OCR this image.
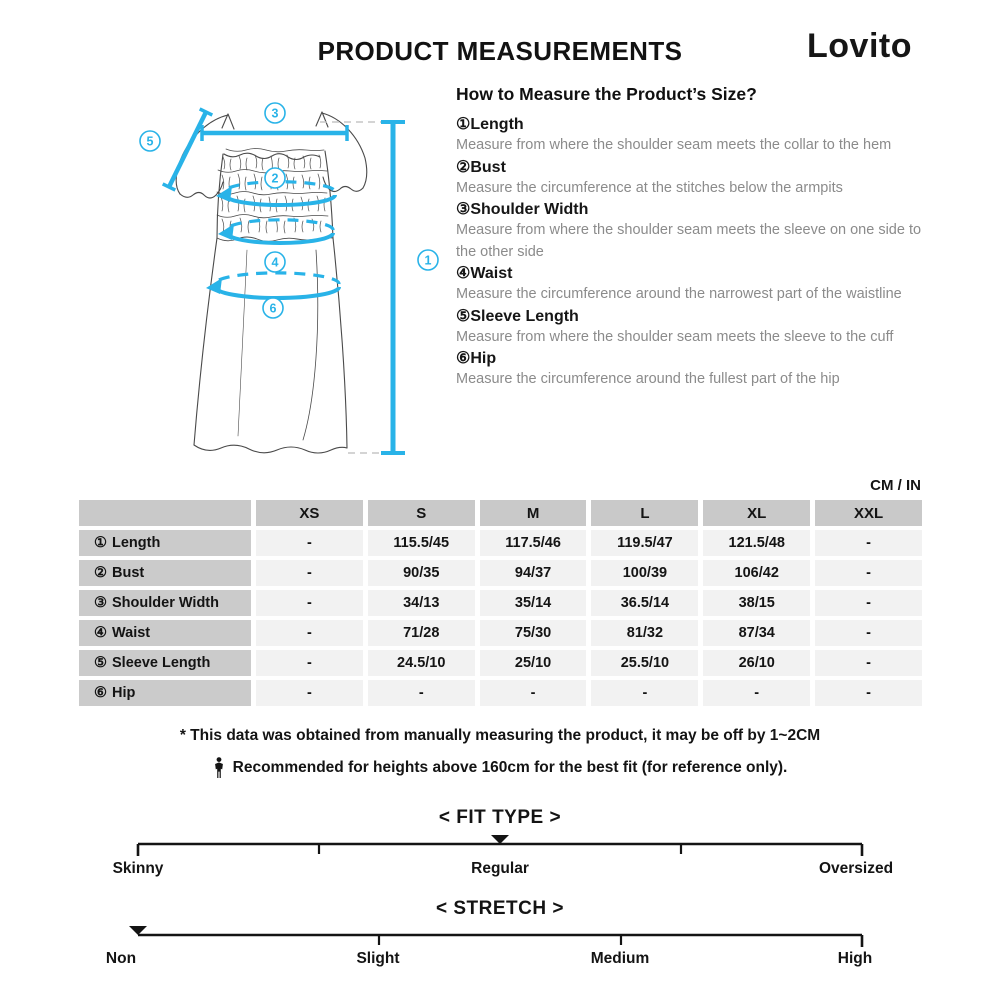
PRODUCT MEASUREMENTS	Lovito
3
5
2
4
6
1
How to Measure the Product’s Size?
①Length
Measure from where the shoulder seam meets the collar to the hem
②Bust
Measure the circumference at the stitches below the armpits
③Shoulder Width
Measure from where the shoulder seam meets the sleeve on one side to the other side
④Waist
Measure the circumference around the narrowest part of the waistline
⑤Sleeve Length
Measure from where the shoulder seam meets the sleeve to the cuff
⑥Hip
Measure the circumference around the fullest part of the hip
CM / IN
XS	S	M	L	XL	XXL
① Length	-	115.5/45	117.5/46	119.5/47	121.5/48	-
② Bust	-	90/35	94/37	100/39	106/42	-
③ Shoulder Width	-	34/13	35/14	36.5/14	38/15	-
④ Waist	-	71/28	75/30	81/32	87/34	-
⑤ Sleeve Length	-	24.5/10	25/10	25.5/10	26/10	-
⑥ Hip	-	-	-	-	-	-
* This data was obtained from manually measuring the product, it may be off by 1~2CM
Recommended for heights above 160cm for the best fit (for reference only).
< FIT TYPE >
Skinny	Regular	Oversized
< STRETCH >
Non	Slight	Medium	High
